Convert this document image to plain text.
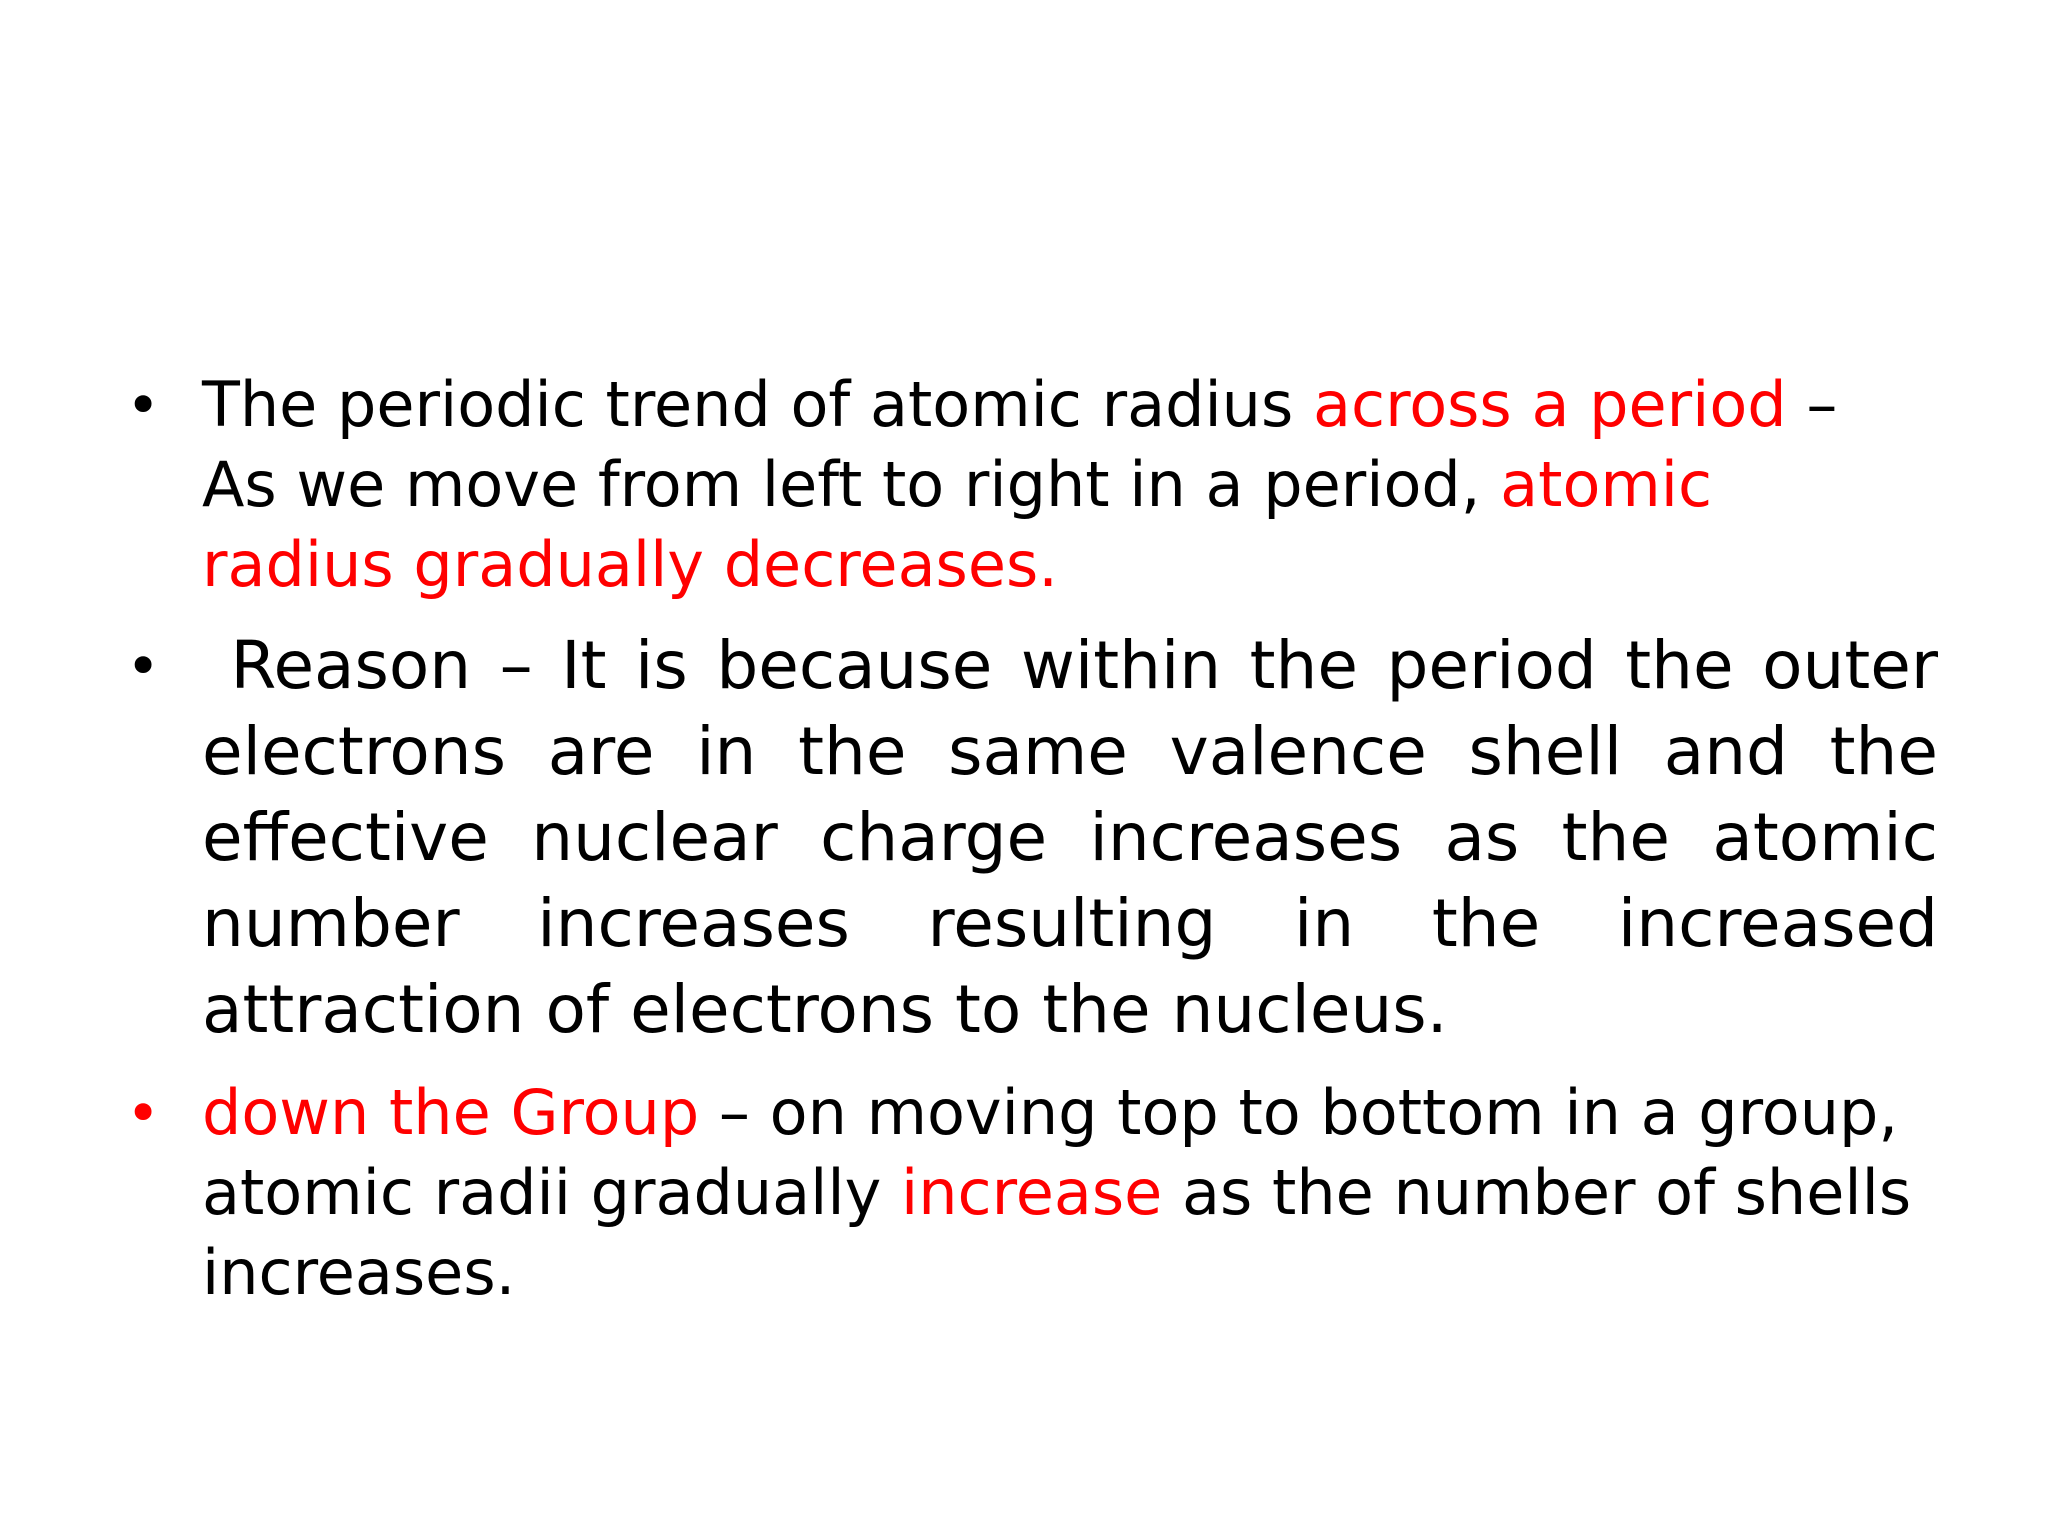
• The periodic trend of atomic radius across a period – As we move from left to right in a period, atomic radius gradually decreases.
•	Reason – It is because within the period the outer electrons are in the same valence shell and the effective nuclear charge increases as the atomic number increases resulting in the increased attraction of electrons to the nucleus.
• down the Group – on moving top to bottom in a group, atomic radii gradually increase as the number of shells increases.
